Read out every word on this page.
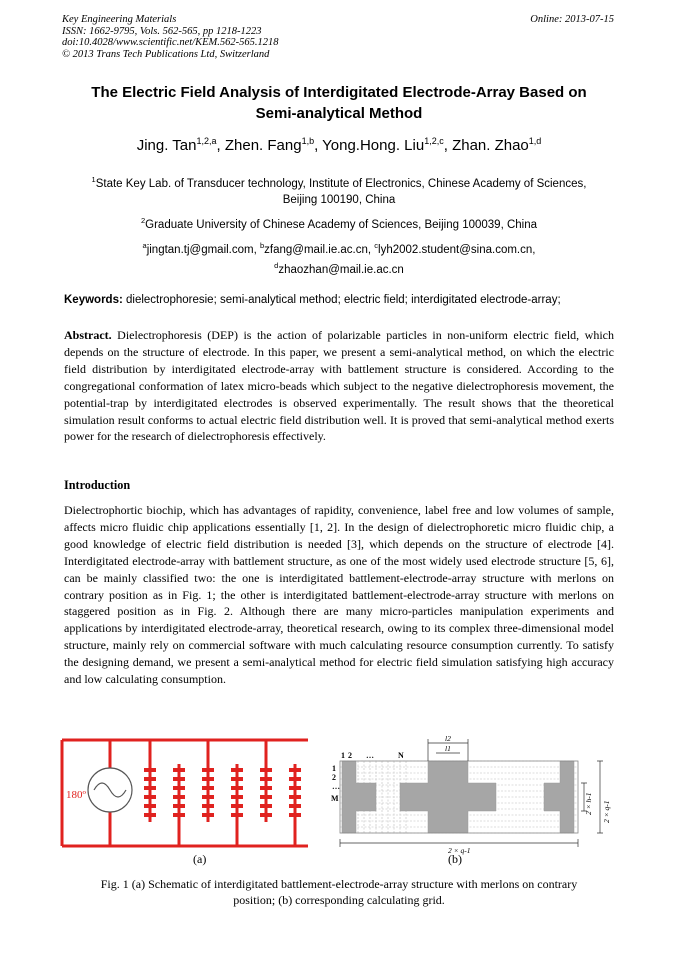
Key Engineering Materials
ISSN: 1662-9795, Vols. 562-565, pp 1218-1223
doi:10.4028/www.scientific.net/KEM.562-565.1218
© 2013 Trans Tech Publications Ltd, Switzerland
Online: 2013-07-15
The Electric Field Analysis of Interdigitated Electrode-Array Based on
Semi-analytical Method
Jing. Tan$^{1,2,a}$, Zhen. Fang$^{1,b}$, Yong.Hong. Liu$^{1,2,c}$, Zhan. Zhao$^{1,d}$
$^1$State Key Lab. of Transducer technology, Institute of Electronics, Chinese Academy of Sciences,
Beijing 100190, China
$^2$Graduate University of Chinese Academy of Sciences, Beijing 100039, China
$^a$jingtan.tj@gmail.com, $^b$zfang@mail.ie.ac.cn, $^c$lyh2002.student@sina.com.cn,
$^d$zhaozhan@mail.ie.ac.cn
Keywords: dielectrophoresie; semi-analytical method; electric field; interdigitated electrode-array;
Abstract. Dielectrophoresis (DEP) is the action of polarizable particles in non-uniform electric field, which depends on the structure of electrode. In this paper, we present a semi-analytical method, on which the electric field distribution by interdigitated electrode-array with battlement structure is considered. According to the congregational conformation of latex micro-beads which subject to the negative dielectrophoresis movement, the potential-trap by interdigitated electrodes is observed experimentally. The result shows that the theoretical simulation result conforms to actual electric field distribution well. It is proved that semi-analytical method exerts power for the research of dielectrophoresis effectively.
Introduction
Dielectrophortic biochip, which has advantages of rapidity, convenience, label free and low volumes of sample, affects micro fluidic chip applications essentially [1, 2]. In the design of dielectrophoretic micro fluidic chip, a good knowledge of electric field distribution is needed [3], which depends on the structure of electrode [4]. Interdigitated electrode-array with battlement structure, as one of the most widely used electrode structure [5, 6], can be mainly classified two: the one is interdigitated battlement-electrode-array structure with merlons on contrary position as in Fig. 1; the other is interdigitated battlement-electrode-array structure with merlons on staggered position as in Fig. 2. Although there are many micro-particles manipulation experiments and applications by interdigitated electrode-array, theoretical research, owing to its complex three-dimensional model structure, mainly rely on commercial software with much calculating resource consumption currently. To satisfy the designing demand, we present a semi-analytical method for electric field simulation satisfying high accuracy and low calculating consumption.
180º
1 2 …	N
1
2
…
M
l2
l1
2 × q-1
2 × h-1 2 × q-1
(a)	(b)
Fig. 1 (a) Schematic of interdigitated battlement-electrode-array structure with merlons on contrary
position; (b) corresponding calculating grid.
